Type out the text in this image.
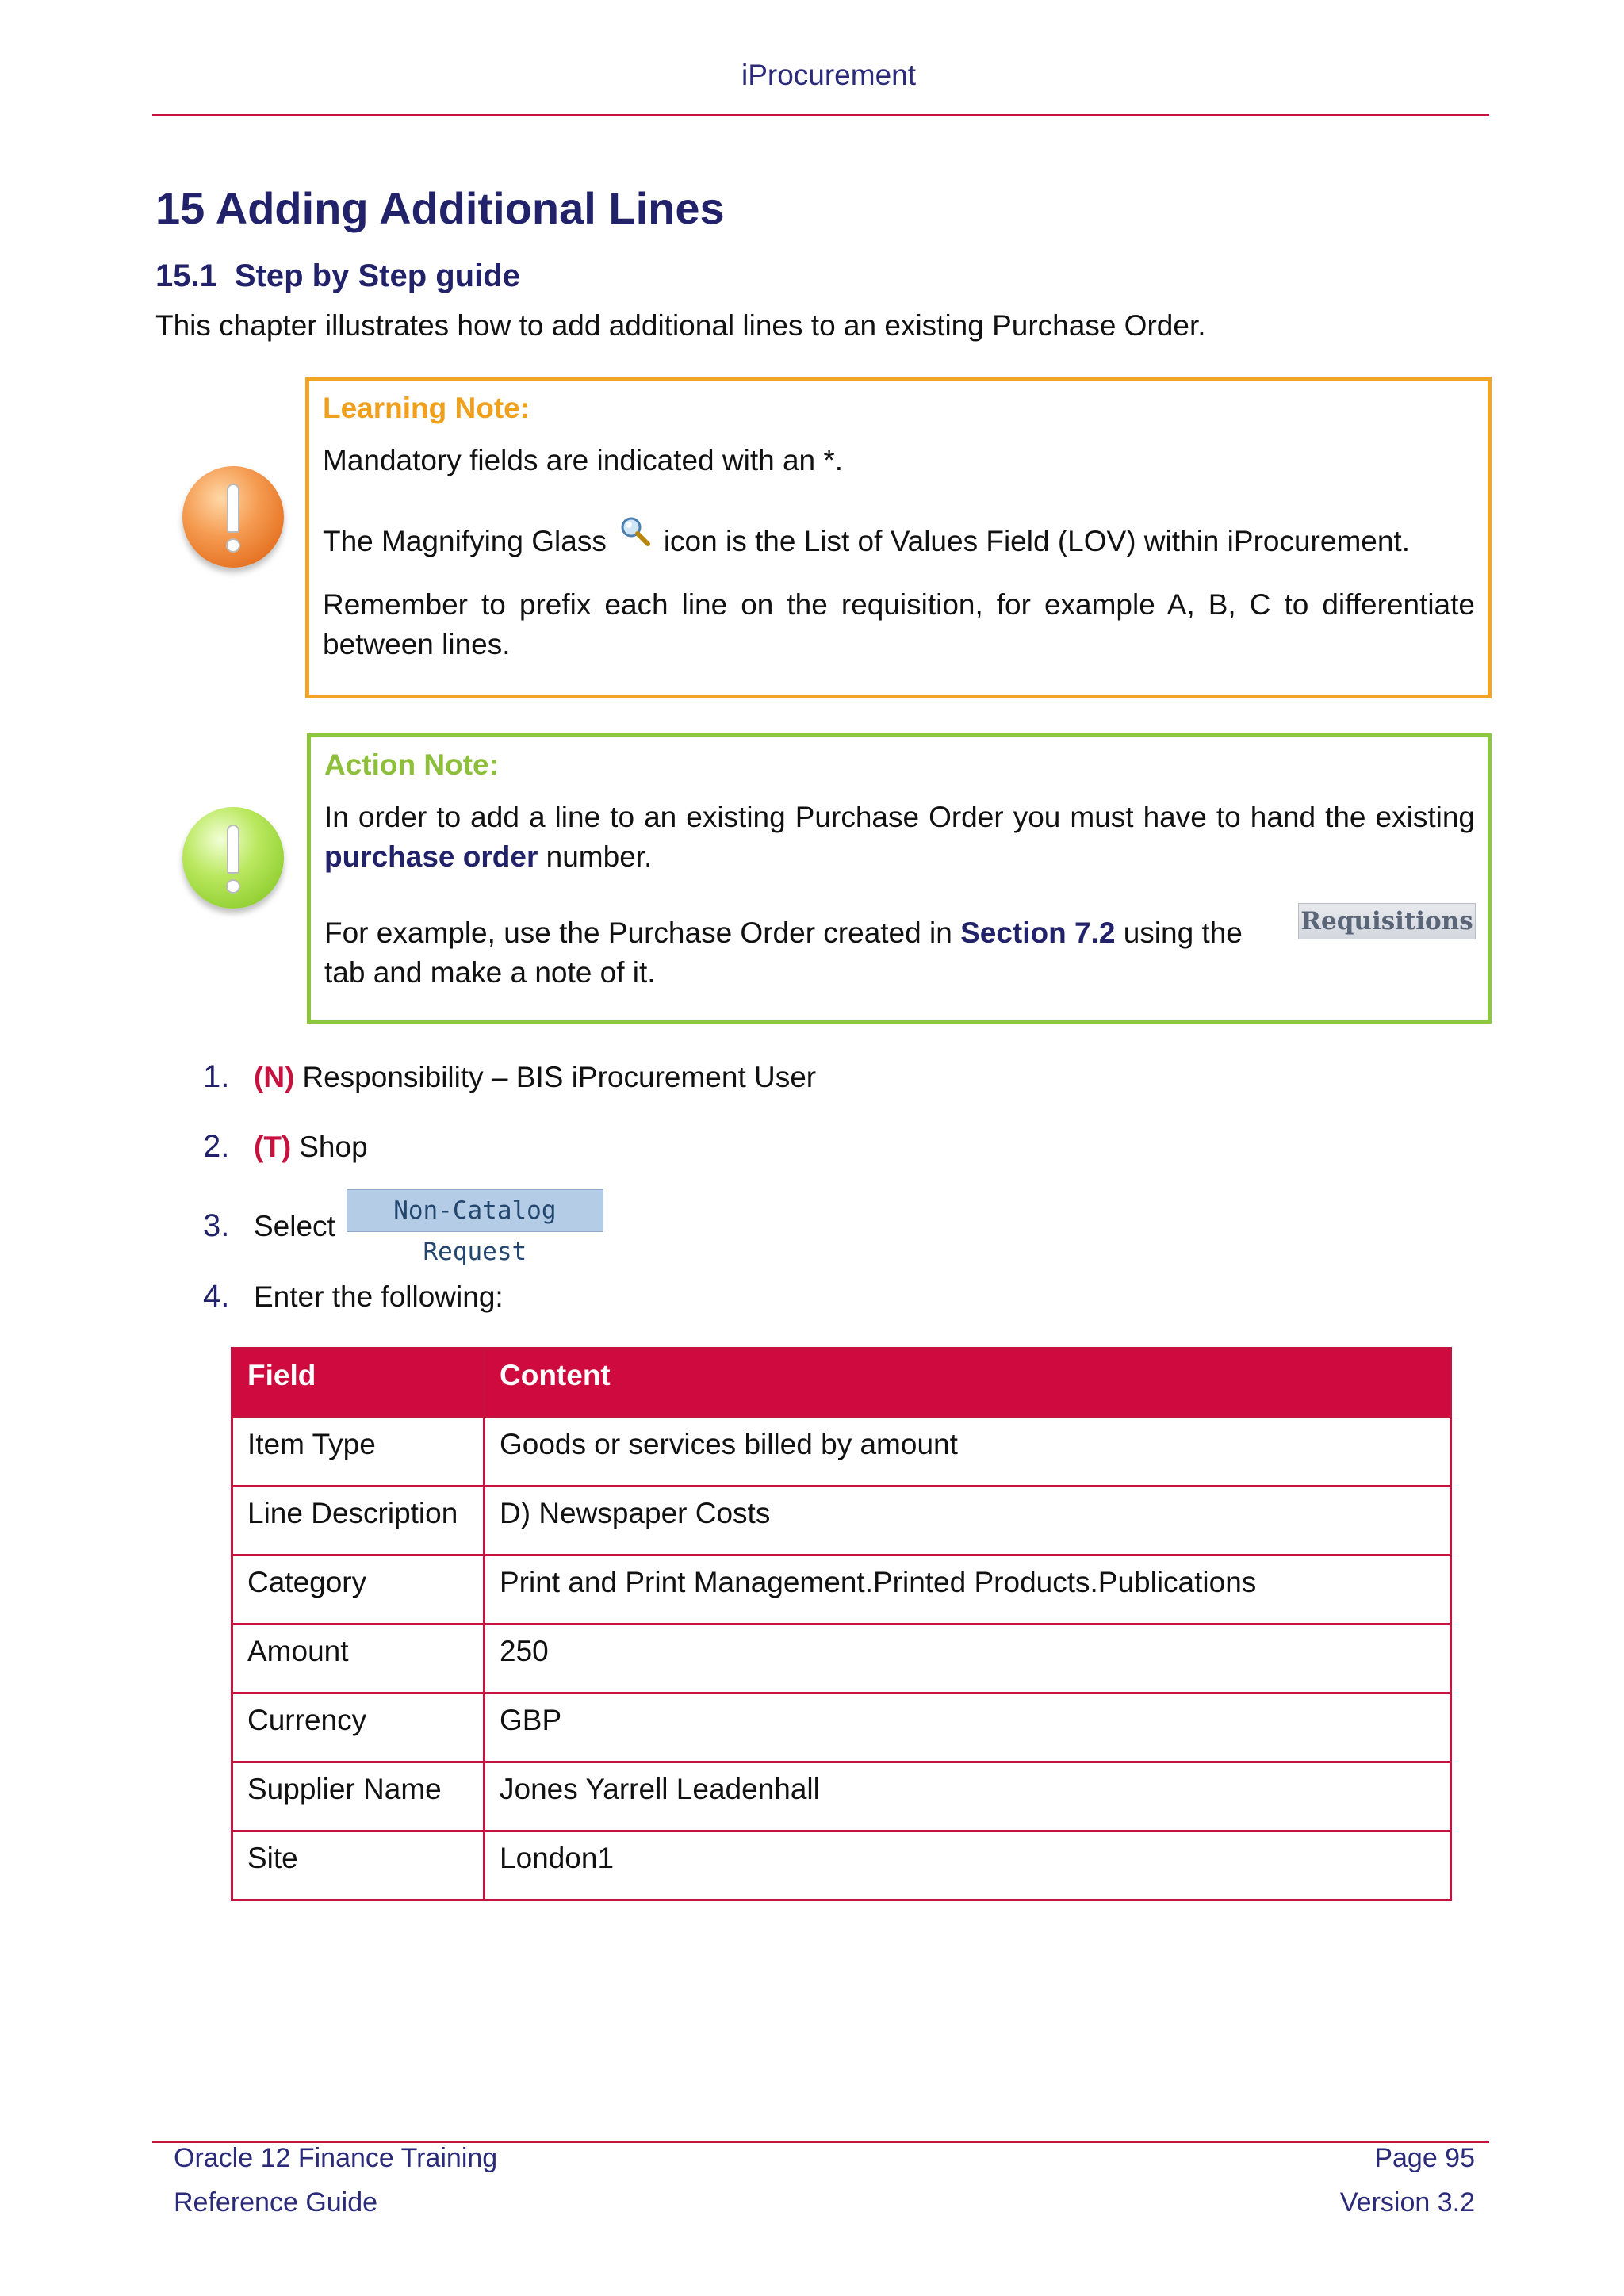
iProcurement
15 Adding Additional Lines
15.1 Step by Step guide
This chapter illustrates how to add additional lines to an existing Purchase Order.
Learning Note:
Mandatory fields are indicated with an *.
The Magnifying Glass icon is the List of Values Field (LOV) within iProcurement.
Remember to prefix each line on the requisition, for example A, B, C to differentiate between lines.
Action Note:
In order to add a line to an existing Purchase Order you must have to hand the existing purchase order number.
For example, use the Purchase Order created in Section 7.2 using the tab and make a note of it.
Requisitions
1. (N) Responsibility – BIS iProcurement User
2. (T) Shop
3. Select Non-Catalog Request
4. Enter the following:
Field	Content
Item Type	Goods or services billed by amount
Line Description	D) Newspaper Costs
Category	Print and Print Management.Printed Products.Publications
Amount	250
Currency	GBP
Supplier Name	Jones Yarrell Leadenhall
Site	London1
Oracle 12 Finance Training
Reference Guide
Page 95
Version 3.2
